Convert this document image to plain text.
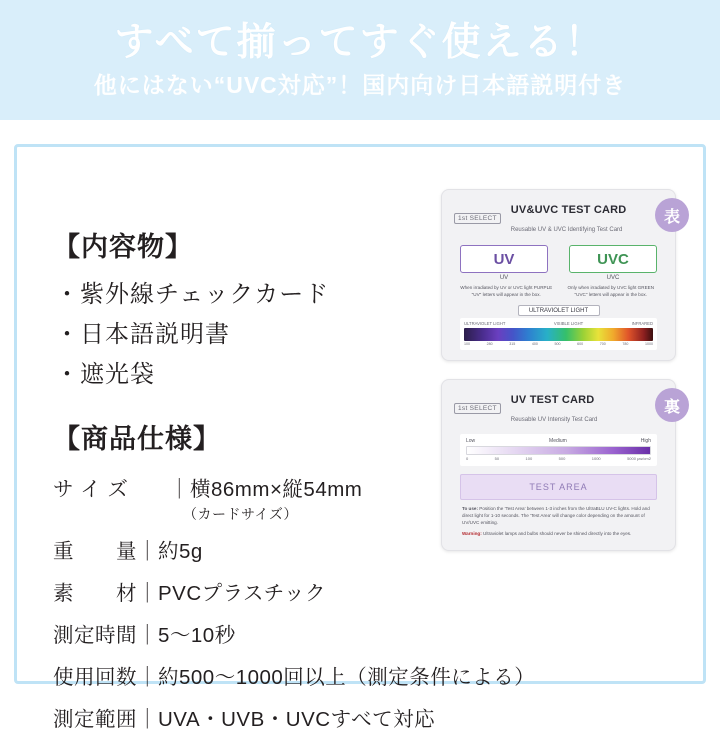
すべて揃ってすぐ使える！
他にはない“UVC対応”！国内向け日本語説明付き
【内容物】
・紫外線チェックカード
・日本語説明書
・遮光袋
【商品仕様】
サ イ ズ	｜	横86mm×縦54mm
（カードサイズ）
重　　量	｜	約5g
素　　材	｜	PVCプラスチック
測定時間	｜	5〜10秒
使用回数	｜	約500〜1000回以上（測定条件による）
測定範囲	｜	UVA・UVB・UVCすべて対応
表
1st SELECT
UV&UVC TEST CARD
Reusable UV & UVC Identifying Test Card
UV	UVC
UV	UVC
When irradiated by UV or UVC light PURPLE "UV" letters will appear in the box.
Only when irradiated by UVC light GREEN "UVC" letters will appear in the box.
ULTRAVIOLET LIGHT
ULTRAVIOLET LIGHT	VISIBLE LIGHT	INFRARED
100	280	315	400	500	600	700	780	1000
裏
1st SELECT
UV TEST CARD
Reusable UV Intensity Test Card
Low	Medium	High
0	50	100	500	1000	5000 μw/cm2
TEST AREA
To use: Position the 'Test Area' between 1-3 inches from the UltraBLU UV-C lights. Hold and direct light for 1-10 seconds. The 'Test Area' will change color depending on the amount of UV/UVC emitting.
Warning: Ultraviolet lamps and bulbs should never be shined directly into the eyes.
